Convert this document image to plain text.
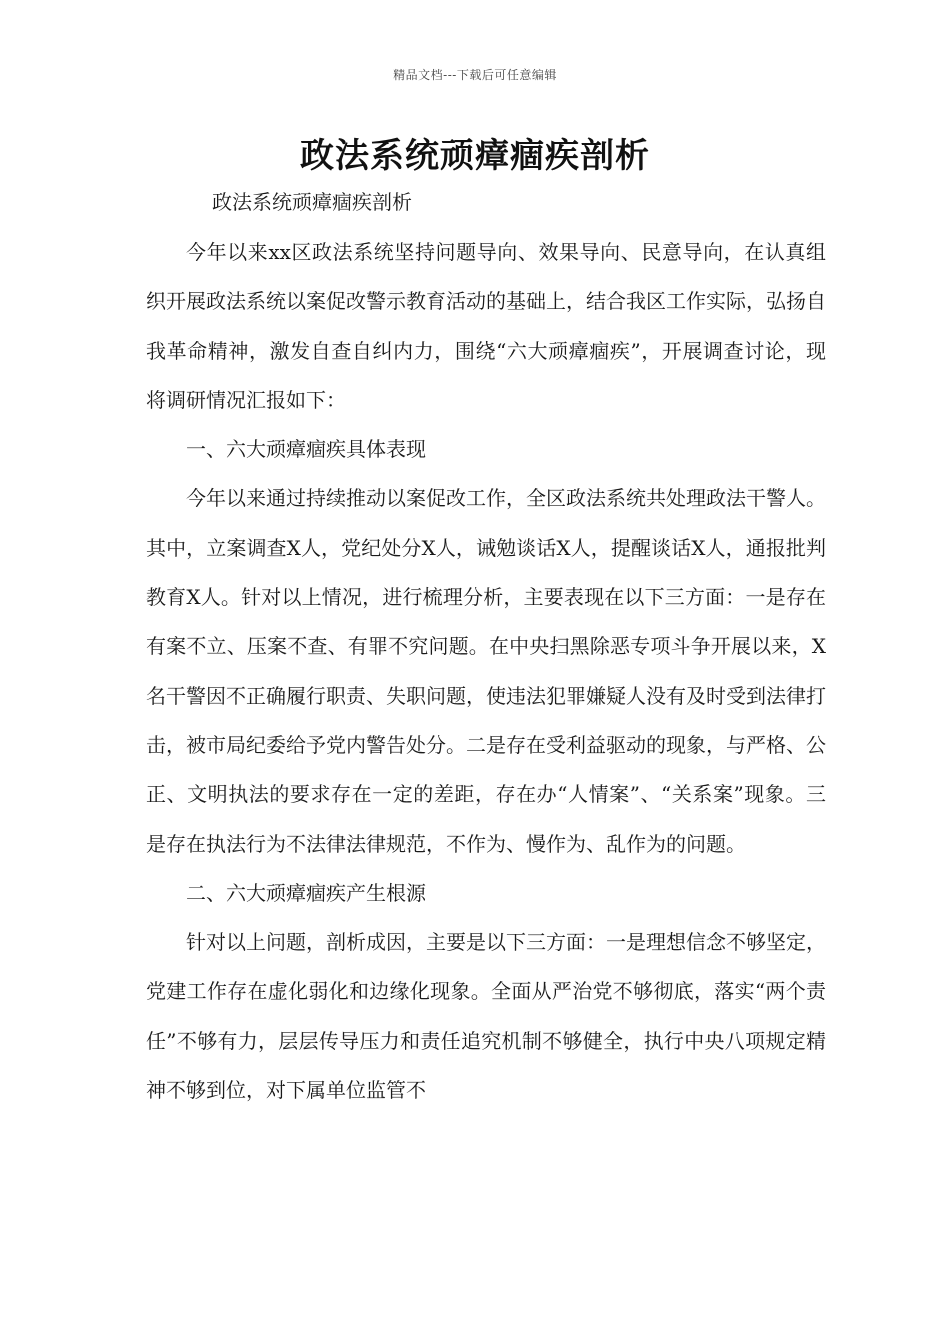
精品文档---下载后可任意编辑
政法系统顽瘴痼疾剖析
政法系统顽瘴痼疾剖析

今年以来xx区政法系统坚持问题导向、效果导向、民意导向，在认真组织开展政法系统以案促改警示教育活动的基础上，结合我区工作实际，弘扬自我革命精神，激发自查自纠内力，围绕“六大顽瘴痼疾”，开展调查讨论，现将调研情况汇报如下：

一、六大顽瘴痼疾具体表现

今年以来通过持续推动以案促改工作，全区政法系统共处理政法干警人。其中，立案调查X人，党纪处分X人，诫勉谈话X人，提醒谈话X人，通报批判教育X人。针对以上情况，进行梳理分析，主要表现在以下三方面：一是存在有案不立、压案不查、有罪不究问题。在中央扫黑除恶专项斗争开展以来，X名干警因不正确履行职责、失职问题，使违法犯罪嫌疑人没有及时受到法律打击，被市局纪委给予党内警告处分。二是存在受利益驱动的现象，与严格、公正、文明执法的要求存在一定的差距，存在办“人情案”、“关系案”现象。三是存在执法行为不法律法律规范，不作为、慢作为、乱作为的问题。

二、六大顽瘴痼疾产生根源

针对以上问题，剖析成因，主要是以下三方面：一是理想信念不够坚定，党建工作存在虚化弱化和边缘化现象。全面从严治党不够彻底，落实“两个责任”不够有力，层层传导压力和责任追究机制不够健全，执行中央八项规定精神不够到位，对下属单位监管不
